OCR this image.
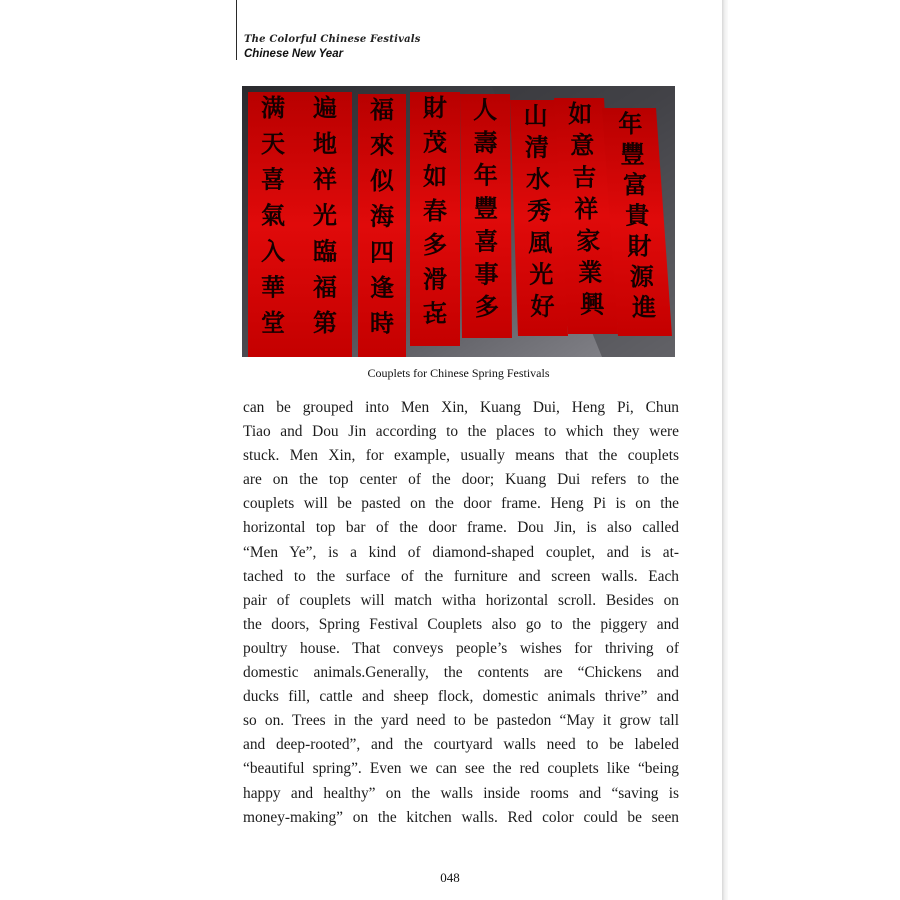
The Colorful Chinese Festivals
Chinese New Year
满
天
喜
氣
入
華
堂
遍
地
祥
光
臨
福
第
福
來
似
海
四
逢
時
財
茂
如
春
多
滑
㐂
人
壽
年
豐
喜
事
多
山
清
水
秀
風
光
好
如
意
吉
祥
家
業
興
年
豐
富
貴
財
源
進
Couplets for Chinese Spring Festivals
can be grouped into Men Xin, Kuang Dui, Heng Pi, Chun
Tiao and Dou Jin according to the places to which they were
stuck. Men Xin, for example, usually means that the couplets
are on the top center of the door; Kuang Dui refers to the
couplets will be pasted on the door frame. Heng Pi is on the
horizontal top bar of the door frame. Dou Jin, is also called
“Men Ye”, is a kind of diamond-shaped couplet, and is at-
tached to the surface of the furniture and screen walls. Each
pair of couplets will match witha horizontal scroll. Besides on
the doors, Spring Festival Couplets also go to the piggery and
poultry house. That conveys people’s wishes for thriving of
domestic animals.Generally, the contents are “Chickens and
ducks fill, cattle and sheep flock, domestic animals thrive” and
so on. Trees in the yard need to be pastedon “May it grow tall
and deep-rooted”, and the courtyard walls need to be labeled
“beautiful spring”. Even we can see the red couplets like “being
happy and healthy” on the walls inside rooms and “saving is
money-making” on the kitchen walls. Red color could be seen
048
